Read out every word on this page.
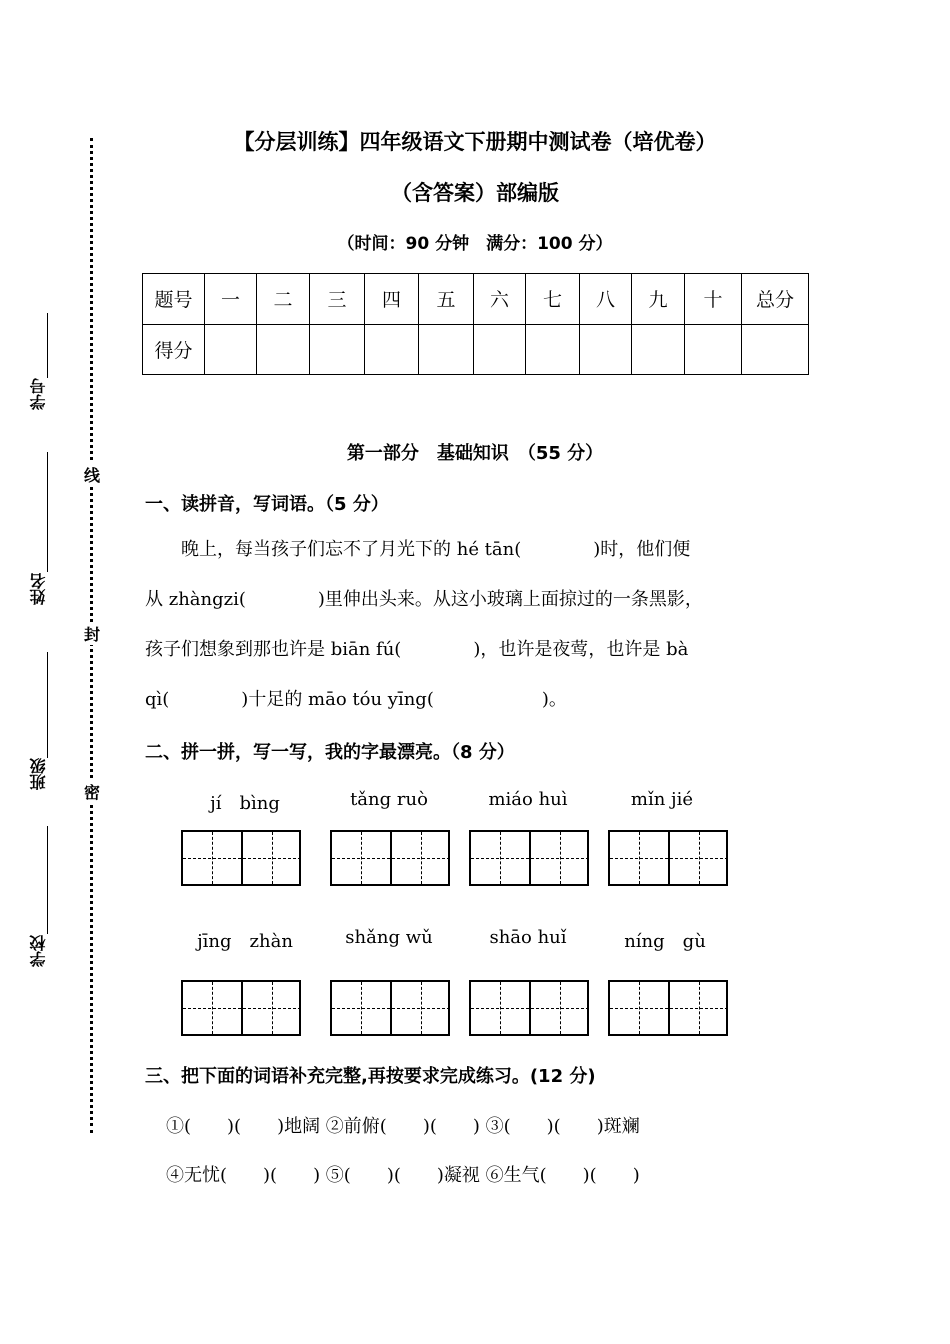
线
封
密
学号
姓名
班级
学校
【分层训练】四年级语文下册期中测试卷（培优卷）
（含答案）部编版
（时间：90 分钟　满分：100 分）
题号	一	二	三	四	五	六	七	八	九	十	总分
得分											
第一部分　基础知识　（55 分）
一、读拼音，写词语。（5 分）
　　晚上，每当孩子们忘不了月光下的 hé tān(　　　　)时，他们便
从 zhàngzi(　　　　)里伸出头来。从这小玻璃上面掠过的一条黑影，
孩子们想象到那也许是 biān fú(　　　　)，也许是夜莺，也许是 bà
qì(　　　　)十足的 māo tóu yīng(　　　　　　)。
二、拼一拼，写一写，我的字最漂亮。（8 分）
jí　bìng	tǎng ruò	miáo huì	mǐn jié
jīng　zhàn	shǎng wǔ	shāo huǐ	níng　gù
三、把下面的词语补充完整,再按要求完成练习。(12 分)
①(　　)(　　)地阔 ②前俯(　　)(　　) ③(　　)(　　)斑斓
④无忧(　　)(　　) ⑤(　　)(　　)凝视 ⑥生气(　　)(　　)
